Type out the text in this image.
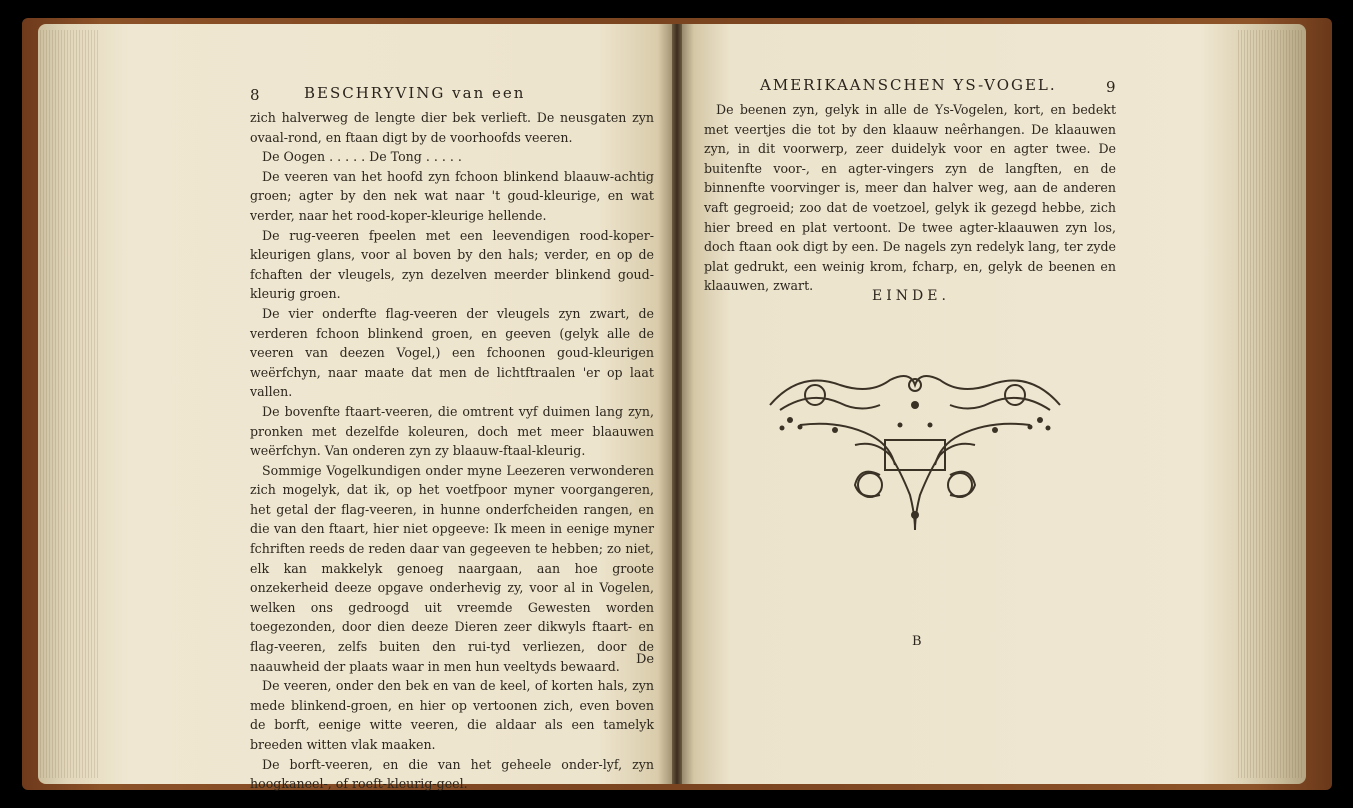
8	BESCHRYVING van een

zich halverweg de lengte dier bek verlieft. De neusgaten zyn ovaal-rond, en ftaan digt by de voorhoofds veeren.

De Oogen . . . . . De Tong . . . . .

De veeren van het hoofd zyn fchoon blinkend blaauw-achtig groen; agter by den nek wat naar 't goud-kleurige, en wat verder, naar het rood-koper-kleurige hellende.

De rug-veeren fpeelen met een leevendigen rood-koper-kleurigen glans, voor al boven by den hals; verder, en op de fchaften der vleugels, zyn dezelven meerder blinkend goud-kleurig groen.

De vier onderfte flag-veeren der vleugels zyn zwart, de verderen fchoon blinkend groen, en geeven (gelyk alle de veeren van deezen Vogel,) een fchoonen goud-kleurigen weërfchyn, naar maate dat men de lichtftraalen 'er op laat vallen.

De bovenfte ftaart-veeren, die omtrent vyf duimen lang zyn, pronken met dezelfde koleuren, doch met meer blaauwen weërfchyn. Van onderen zyn zy blaauw-ftaal-kleurig.

Sommige Vogelkundigen onder myne Leezeren verwonderen zich mogelyk, dat ik, op het voetfpoor myner voorgangeren, het getal der flag-veeren, in hunne onderfcheiden rangen, en die van den ftaart, hier niet opgeeve: Ik meen in eenige myner fchriften reeds de reden daar van gegeeven te hebben; zo niet, elk kan makkelyk genoeg naargaan, aan hoe groote onzekerheid deeze opgave onderhevig zy, voor al in Vogelen, welken ons gedroogd uit vreemde Gewesten worden toegezonden, door dien deeze Dieren zeer dikwyls ftaart- en flag-veeren, zelfs buiten den rui-tyd verliezen, door de naauwheid der plaats waar in men hun veeltyds bewaard.

De veeren, onder den bek en van de keel, of korten hals, zyn mede blinkend-groen, en hier op vertoonen zich, even boven de borft, eenige witte veeren, die aldaar als een tamelyk breeden witten vlak maaken.

De borft-veeren, en die van het geheele onder-lyf, zyn hoogkaneel-, of roeft-kleurig-geel.

De
AMERIKAANSCHEN YS-VOGEL.	9

De beenen zyn, gelyk in alle de Ys-Vogelen, kort, en bedekt met veertjes die tot by den klaauw neêrhangen. De klaauwen zyn, in dit voorwerp, zeer duidelyk voor en agter twee. De buitenfte voor-, en agter-vingers zyn de langften, en de binnenfte voorvinger is, meer dan halver weg, aan de anderen vaft gegroeid; zoo dat de voetzoel, gelyk ik gezegd hebbe, zich hier breed en plat vertoont. De twee agter-klaauwen zyn los, doch ftaan ook digt by een. De nagels zyn redelyk lang, ter zyde plat gedrukt, een weinig krom, fcharp, en, gelyk de beenen en klaauwen, zwart.

EINDE.
B
